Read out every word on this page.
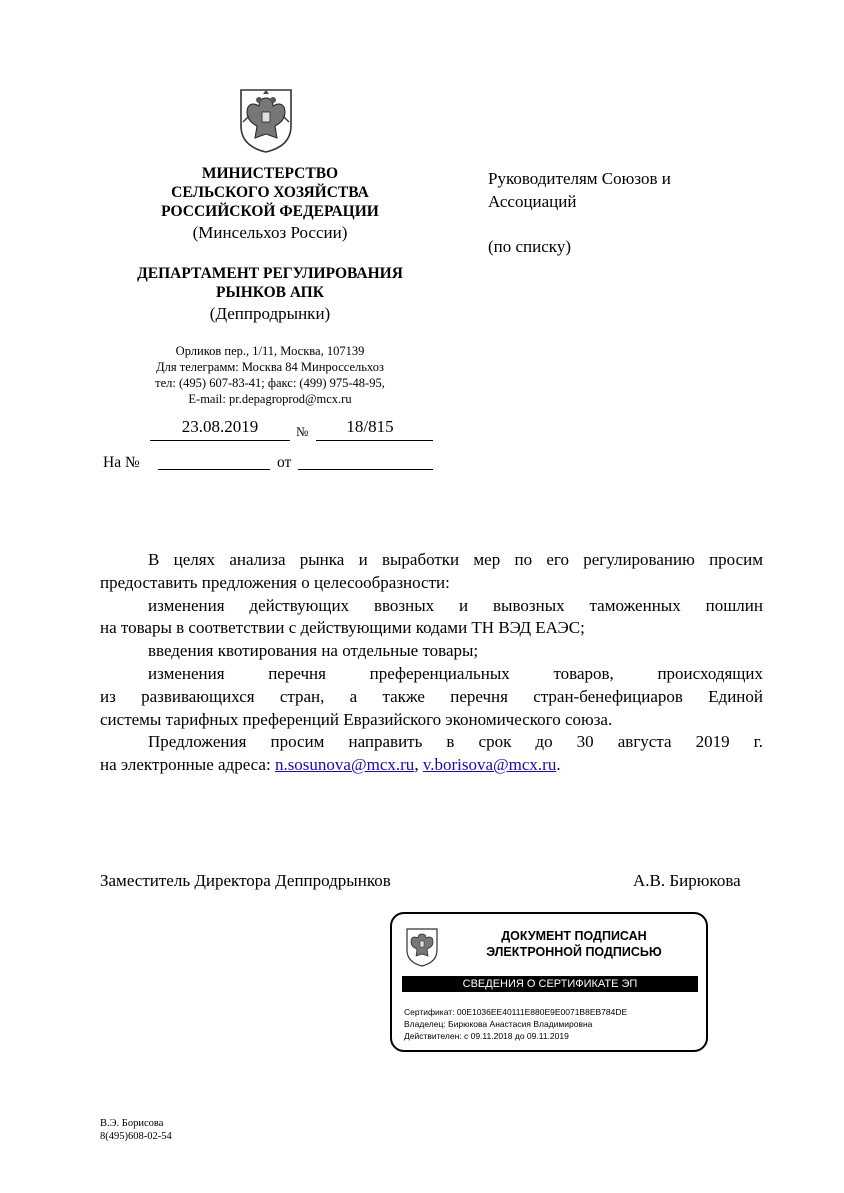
МИНИСТЕРСТВО
СЕЛЬСКОГО ХОЗЯЙСТВА
РОССИЙСКОЙ ФЕДЕРАЦИИ
(Минсельхоз России)
ДЕПАРТАМЕНТ РЕГУЛИРОВАНИЯ
РЫНКОВ АПК
(Деппродрынки)
Орликов пер., 1/11, Москва, 107139
Для телеграмм: Москва 84 Минроссельхоз
тел: (495) 607-83-41; факс: (499) 975-48-95,
E-mail: pr.depagroprod@mcx.ru
23.08.2019	№	18/815
На №	от
Руководителям Союзов и
Ассоциаций
(по списку)
В целях анализа рынка и выработки мер по его регулированию просим
предоставить предложения о целесообразности:
изменения действующих ввозных и вывозных таможенных пошлин
на товары в соответствии с действующими кодами ТН ВЭД ЕАЭС;
введения квотирования на отдельные товары;
изменения перечня преференциальных товаров, происходящих
из развивающихся стран, а также перечня стран-бенефициаров Единой
системы тарифных преференций Евразийского экономического союза.
Предложения просим направить в срок до 30 августа 2019 г.
на электронные адреса: n.sosunova@mcx.ru, v.borisova@mcx.ru.
Заместитель Директора Деппродрынков	А.В. Бирюкова
ДОКУМЕНТ ПОДПИСАН
ЭЛЕКТРОННОЙ ПОДПИСЬЮ
СВЕДЕНИЯ О СЕРТИФИКАТЕ ЭП
Сертификат: 00E1036EE40111E880E9E0071B8EB784DE
Владелец: Бирюкова Анастасия Владимировна
Действителен: с 09.11.2018 до 09.11.2019
В.Э. Борисова
8(495)608-02-54
